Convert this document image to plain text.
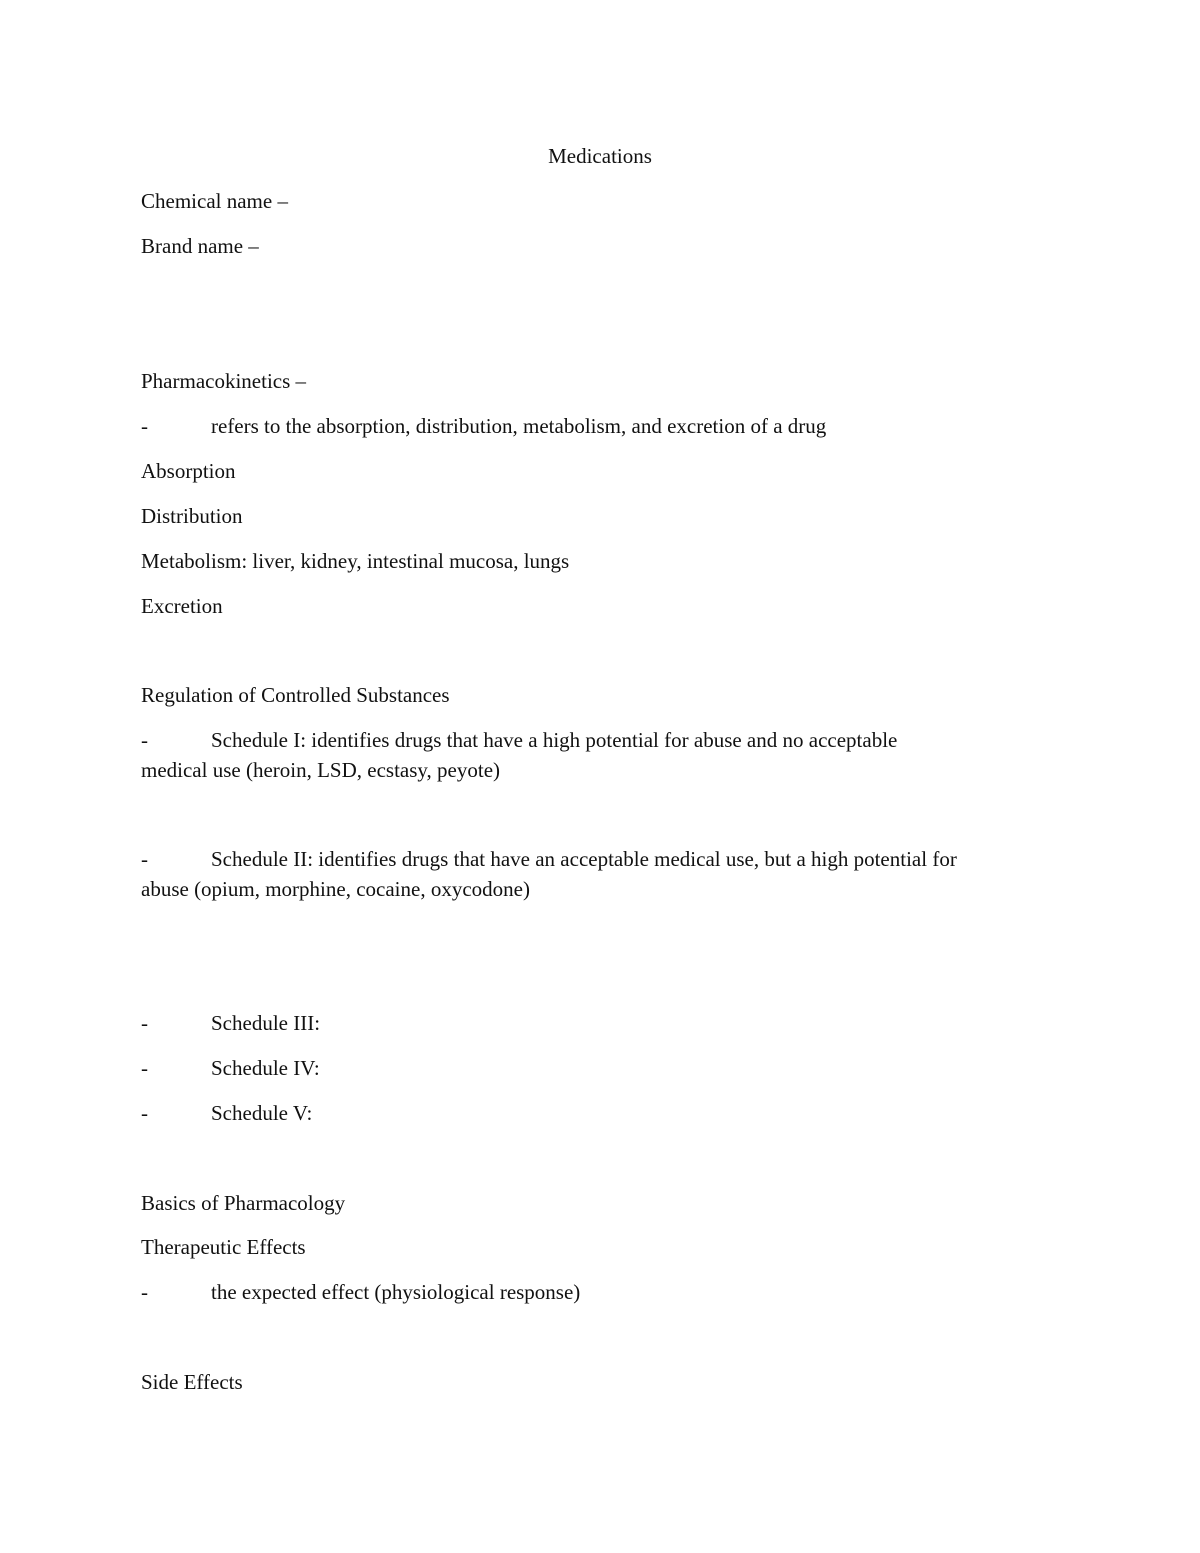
Medications
Chemical name –
Brand name –
Pharmacokinetics –
-	refers to the absorption, distribution, metabolism, and excretion of a drug
Absorption
Distribution
Metabolism: liver, kidney, intestinal mucosa, lungs
Excretion
Regulation of Controlled Substances
-	Schedule I: identifies drugs that have a high potential for abuse and no acceptable
medical use (heroin, LSD, ecstasy, peyote)
-	Schedule II: identifies drugs that have an acceptable medical use, but a high potential for
abuse (opium, morphine, cocaine, oxycodone)
-	Schedule III:
-	Schedule IV:
-	Schedule V:
Basics of Pharmacology
Therapeutic Effects
-	the expected effect (physiological response)
Side Effects
